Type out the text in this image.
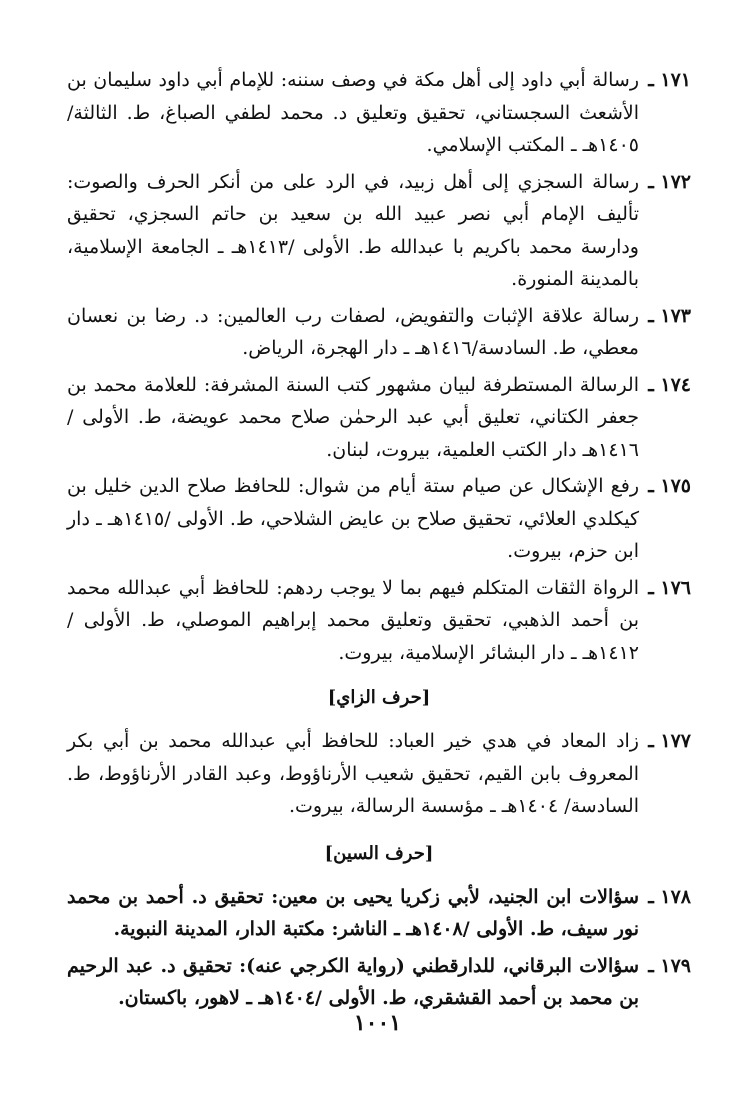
١٧١ ـ
رسالة أبي داود إلى أهل مكة في وصف سننه: للإمام أبي داود سليمان بن الأشعث السجستاني، تحقيق وتعليق د. محمد لطفي الصباغ، ط. الثالثة/ ١٤٠٥هـ ـ المكتب الإسلامي.
١٧٢ ـ
رسالة السجزي إلى أهل زبيد، في الرد على من أنكر الحرف والصوت: تأليف الإمام أبي نصر عبيد الله بن سعيد بن حاتم السجزي، تحقيق ودارسة محمد باكريم با عبدالله ط. الأولى /١٤١٣هـ ـ الجامعة الإسلامية، بالمدينة المنورة.
١٧٣ ـ
رسالة علاقة الإثبات والتفويض، لصفات رب العالمين: د. رضا بن نعسان معطي، ط. السادسة/١٤١٦هـ ـ دار الهجرة، الرياض.
١٧٤ ـ
الرسالة المستطرفة لبيان مشهور كتب السنة المشرفة: للعلامة محمد بن جعفر الكتاني، تعليق أبي عبد الرحمٰن صلاح محمد عويضة، ط. الأولى /١٤١٦هـ دار الكتب العلمية، بيروت، لبنان.
١٧٥ ـ
رفع الإشكال عن صيام ستة أيام من شوال: للحافظ صلاح الدين خليل بن كيكلدي العلائي، تحقيق صلاح بن عايض الشلاحي، ط. الأولى /١٤١٥هـ ـ دار ابن حزم، بيروت.
١٧٦ ـ
الرواة الثقات المتكلم فيهم بما لا يوجب ردهم: للحافظ أبي عبدالله محمد بن أحمد الذهبي، تحقيق وتعليق محمد إبراهيم الموصلي، ط. الأولى /١٤١٢هـ ـ دار البشائر الإسلامية، بيروت.
[حرف الزاي]
١٧٧ ـ
زاد المعاد في هدي خير العباد: للحافظ أبي عبدالله محمد بن أبي بكر المعروف بابن القيم، تحقيق شعيب الأرناؤوط، وعبد القادر الأرناؤوط، ط. السادسة/ ١٤٠٤هـ ـ مؤسسة الرسالة، بيروت.
[حرف السين]
١٧٨ ـ
سؤالات ابن الجنيد، لأبي زكريا يحيى بن معين: تحقيق د. أحمد بن محمد نور سيف، ط. الأولى /١٤٠٨هـ ـ الناشر: مكتبة الدار، المدينة النبوية.
١٧٩ ـ
سؤالات البرقاني، للدارقطني (رواية الكرجي عنه): تحقيق د. عبد الرحيم بن محمد بن أحمد القشقري، ط. الأولى /١٤٠٤هـ ـ لاهور، باكستان.
١٠٠١
